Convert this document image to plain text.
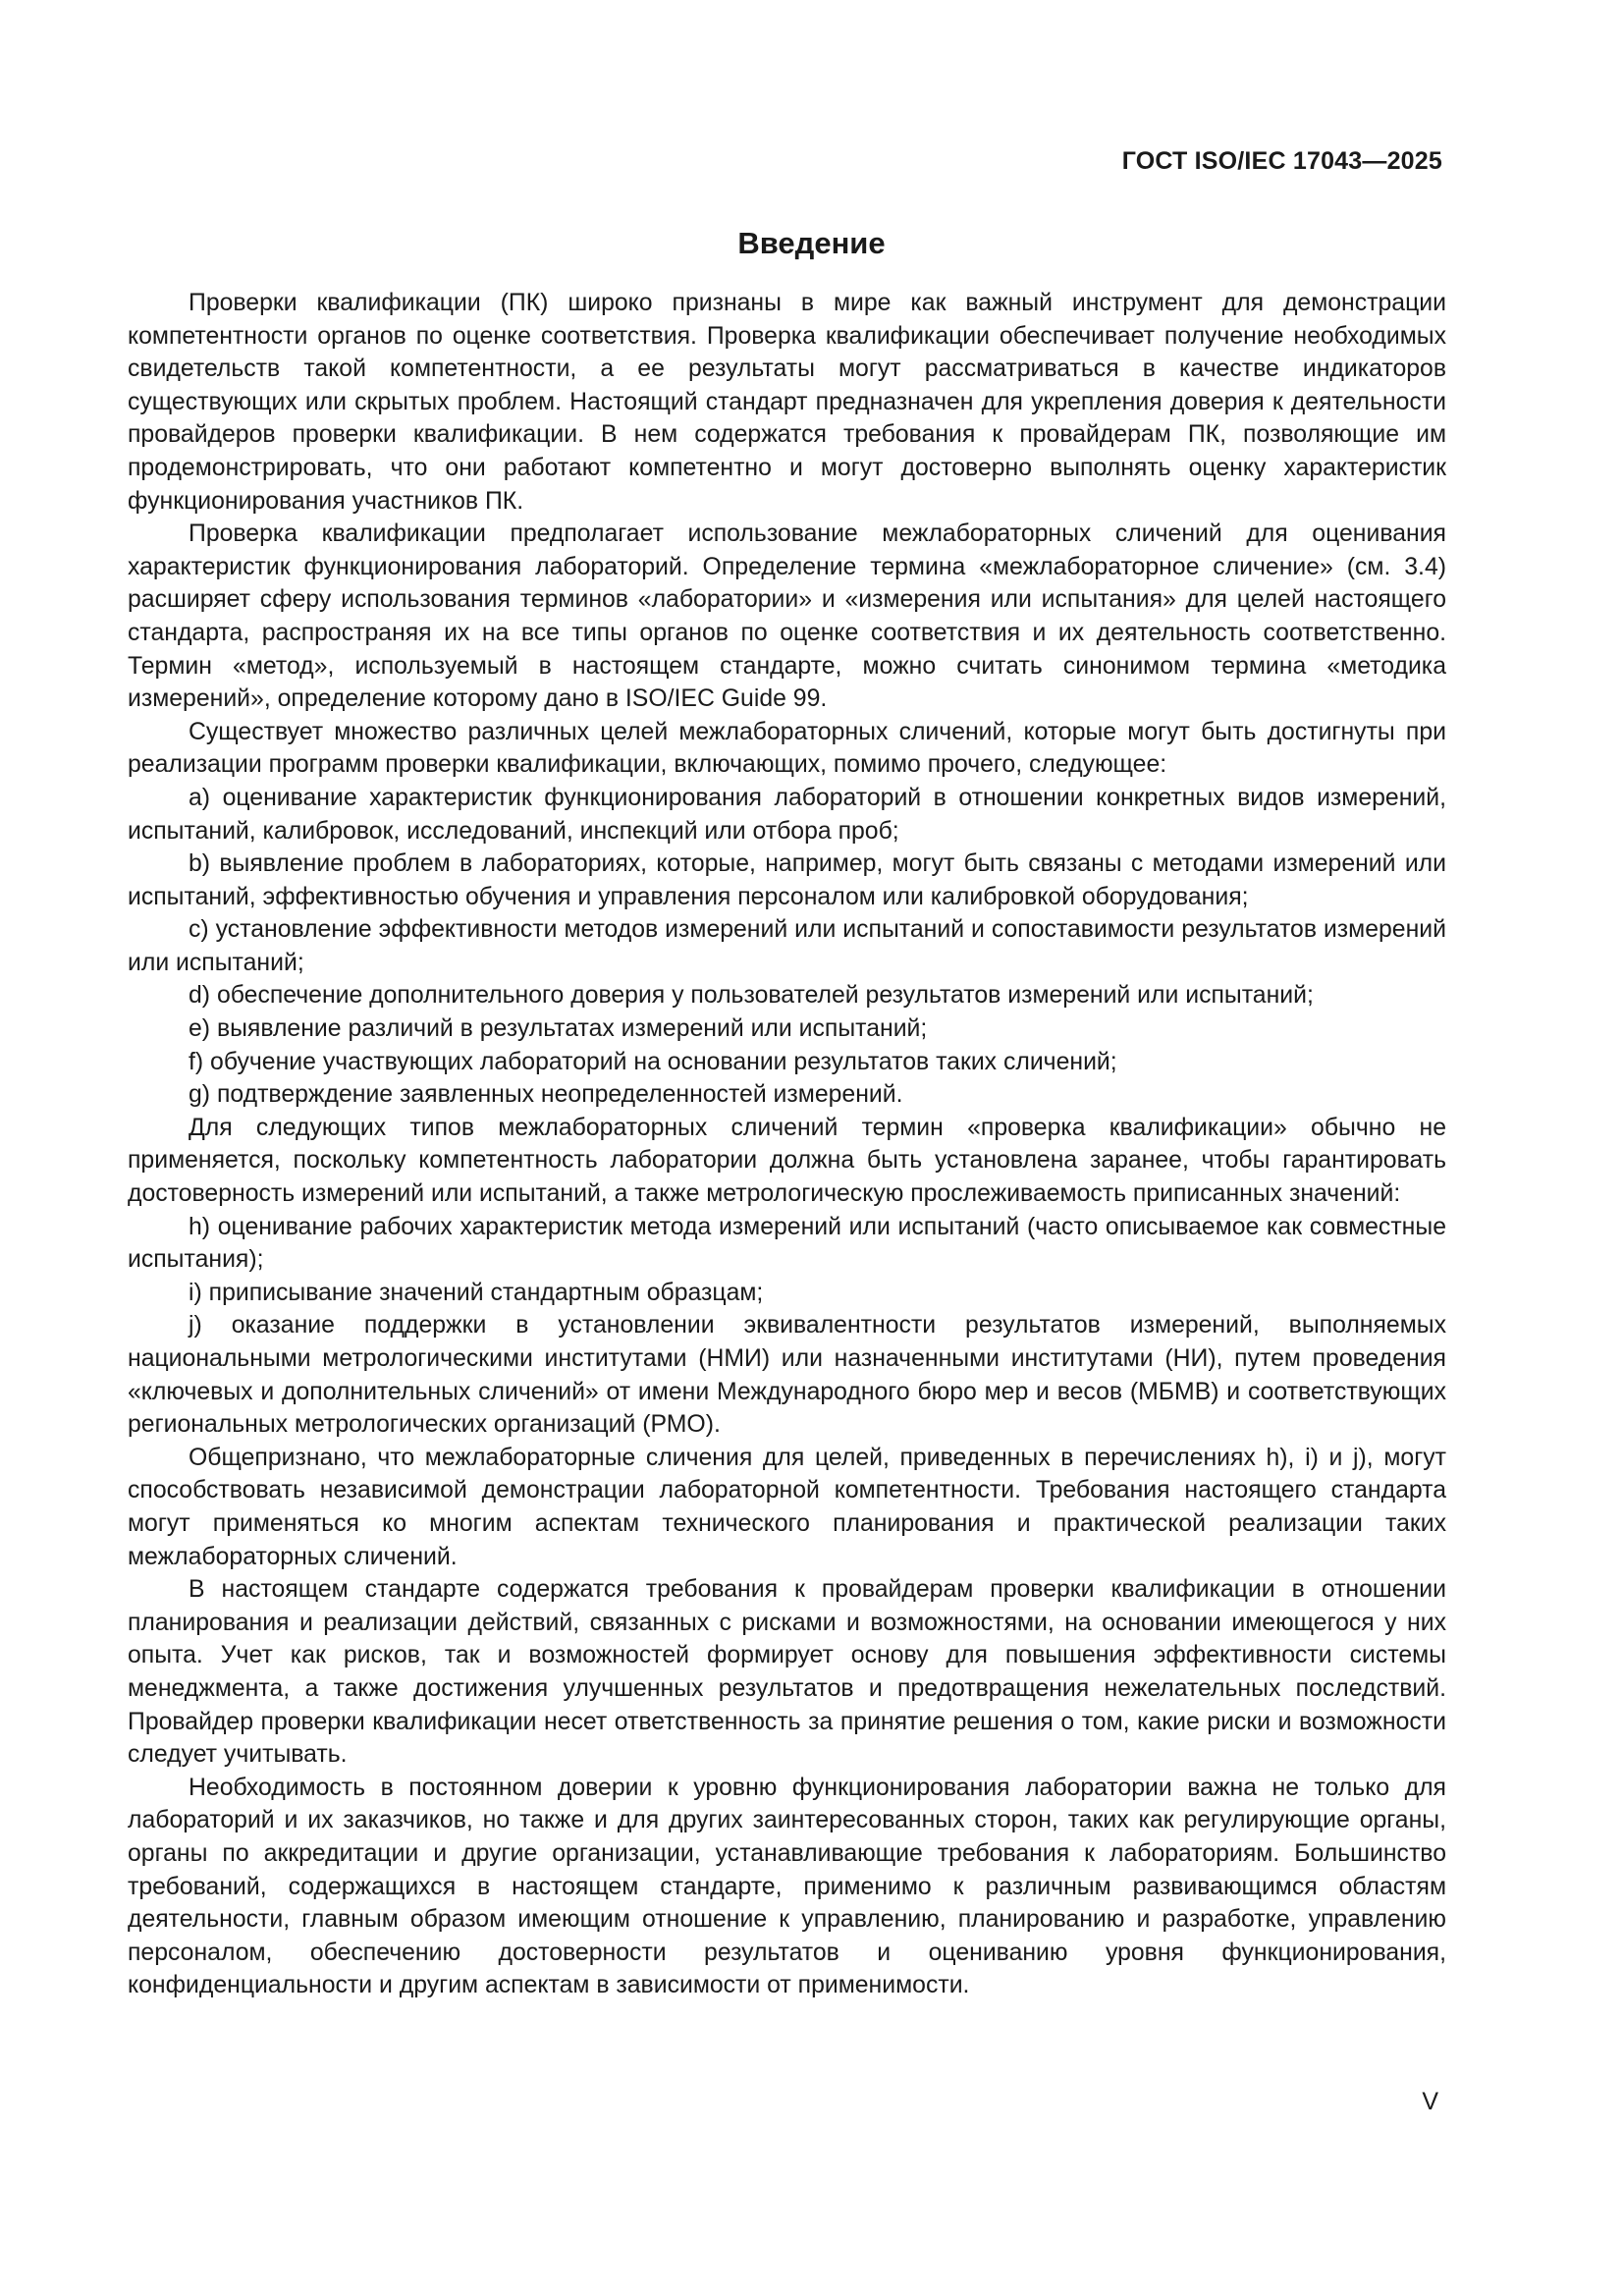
ГОСТ ISO/IEC 17043—2025
Введение

Проверки квалификации (ПК) широко признаны в мире как важный инструмент для демонстрации компетентности органов по оценке соответствия. Проверка квалификации обеспечивает получение необходимых свидетельств такой компетентности, а ее результаты могут рассматриваться в качестве индикаторов существующих или скрытых проблем. Настоящий стандарт предназначен для укрепления доверия к деятельности провайдеров проверки квалификации. В нем содержатся требования к провайдерам ПК, позволяющие им продемонстрировать, что они работают компетентно и могут достоверно выполнять оценку характеристик функционирования участников ПК.

Проверка квалификации предполагает использование межлабораторных сличений для оценивания характеристик функционирования лабораторий. Определение термина «межлабораторное сличение» (см. 3.4) расширяет сферу использования терминов «лаборатории» и «измерения или испытания» для целей настоящего стандарта, распространяя их на все типы органов по оценке соответствия и их деятельность соответственно. Термин «метод», используемый в настоящем стандарте, можно считать синонимом термина «методика измерений», определение которому дано в ISO/IEC Guide 99.

Существует множество различных целей межлабораторных сличений, которые могут быть достигнуты при реализации программ проверки квалификации, включающих, помимо прочего, следующее:

a) оценивание характеристик функционирования лабораторий в отношении конкретных видов измерений, испытаний, калибровок, исследований, инспекций или отбора проб;

b) выявление проблем в лабораториях, которые, например, могут быть связаны с методами измерений или испытаний, эффективностью обучения и управления персоналом или калибровкой оборудования;

c) установление эффективности методов измерений или испытаний и сопоставимости результатов измерений или испытаний;

d) обеспечение дополнительного доверия у пользователей результатов измерений или испытаний;

e) выявление различий в результатах измерений или испытаний;

f) обучение участвующих лабораторий на основании результатов таких сличений;

g) подтверждение заявленных неопределенностей измерений.

Для следующих типов межлабораторных сличений термин «проверка квалификации» обычно не применяется, поскольку компетентность лаборатории должна быть установлена заранее, чтобы гарантировать достоверность измерений или испытаний, а также метрологическую прослеживаемость приписанных значений:

h) оценивание рабочих характеристик метода измерений или испытаний (часто описываемое как совместные испытания);

i) приписывание значений стандартным образцам;

j) оказание поддержки в установлении эквивалентности результатов измерений, выполняемых национальными метрологическими институтами (НМИ) или назначенными институтами (НИ), путем проведения «ключевых и дополнительных сличений» от имени Международного бюро мер и весов (МБМВ) и соответствующих региональных метрологических организаций (РМО).

Общепризнано, что межлабораторные сличения для целей, приведенных в перечислениях h), i) и j), могут способствовать независимой демонстрации лабораторной компетентности. Требования настоящего стандарта могут применяться ко многим аспектам технического планирования и практической реализации таких межлабораторных сличений.

В настоящем стандарте содержатся требования к провайдерам проверки квалификации в отношении планирования и реализации действий, связанных с рисками и возможностями, на основании имеющегося у них опыта. Учет как рисков, так и возможностей формирует основу для повышения эффективности системы менеджмента, а также достижения улучшенных результатов и предотвращения нежелательных последствий. Провайдер проверки квалификации несет ответственность за принятие решения о том, какие риски и возможности следует учитывать.

Необходимость в постоянном доверии к уровню функционирования лаборатории важна не только для лабораторий и их заказчиков, но также и для других заинтересованных сторон, таких как регулирующие органы, органы по аккредитации и другие организации, устанавливающие требования к лабораториям. Большинство требований, содержащихся в настоящем стандарте, применимо к различным развивающимся областям деятельности, главным образом имеющим отношение к управлению, планированию и разработке, управлению персоналом, обеспечению достоверности результатов и оцениванию уровня функционирования, конфиденциальности и другим аспектам в зависимости от применимости.

V
